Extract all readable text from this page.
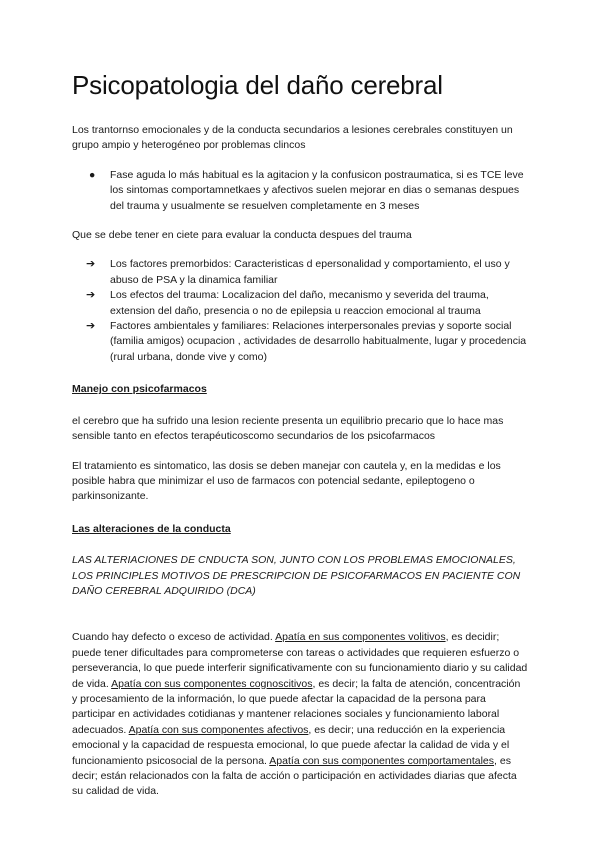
Psicopatologia del daño cerebral

Los trantornso emocionales y de la conducta secundarios a lesiones cerebrales constituyen un grupo ampio y heterogéneo por problemas clincos

● Fase aguda lo más habitual es la agitacion y la confusicon postraumatica, si es TCE leve los sintomas comportamnetkaes y afectivos suelen mejorar en dias o semanas despues del trauma y usualmente se resuelven completamente en 3 meses

Que se debe tener en ciete para evaluar la conducta despues del trauma

➔ Los factores premorbidos: Caracteristicas d epersonalidad y comportamiento, el uso y abuso de PSA y la dinamica familiar
➔ Los efectos del trauma: Localizacion del daño, mecanismo y severida del trauma, extension del daño, presencia o no de epilepsia u reaccion emocional al trauma
➔ Factores ambientales y familiares: Relaciones interpersonales previas y soporte social (familia amigos) ocupacion , actividades de desarrollo habitualmente, lugar y procedencia (rural urbana, donde vive y como)

Manejo con psicofarmacos

el cerebro que ha sufrido una lesion reciente presenta un equilibrio precario que lo hace mas sensible tanto en efectos terapéuticoscomo secundarios de los psicofarmacos

El tratamiento es sintomatico, las dosis se deben manejar con cautela y, en la medidas e los posible habra que minimizar el uso de farmacos con potencial sedante, epileptogeno o parkinsonizante.

Las alteraciones de la conducta

LAS ALTERIACIONES DE CNDUCTA SON, JUNTO CON LOS PROBLEMAS EMOCIONALES, LOS PRINCIPLES MOTIVOS DE PRESCRIPCION DE PSICOFARMACOS EN PACIENTE CON DAÑO CEREBRAL ADQUIRIDO (DCA)

Cuando hay defecto o exceso de actividad. Apatía en sus componentes volitivos, es decidir; puede tener dificultades para comprometerse con tareas o actividades que requieren esfuerzo o perseverancia, lo que puede interferir significativamente con su funcionamiento diario y su calidad de vida. Apatía con sus componentes cognoscitivos, es decir; la falta de atención, concentración y procesamiento de la información, lo que puede afectar la capacidad de la persona para participar en actividades cotidianas y mantener relaciones sociales y funcionamiento laboral adecuados. Apatía con sus componentes afectivos, es decir; una reducción en la experiencia emocional y la capacidad de respuesta emocional, lo que puede afectar la calidad de vida y el funcionamiento psicosocial de la persona. Apatía con sus componentes comportamentales, es decir; están relacionados con la falta de acción o participación en actividades diarias que afecta su calidad de vida.
